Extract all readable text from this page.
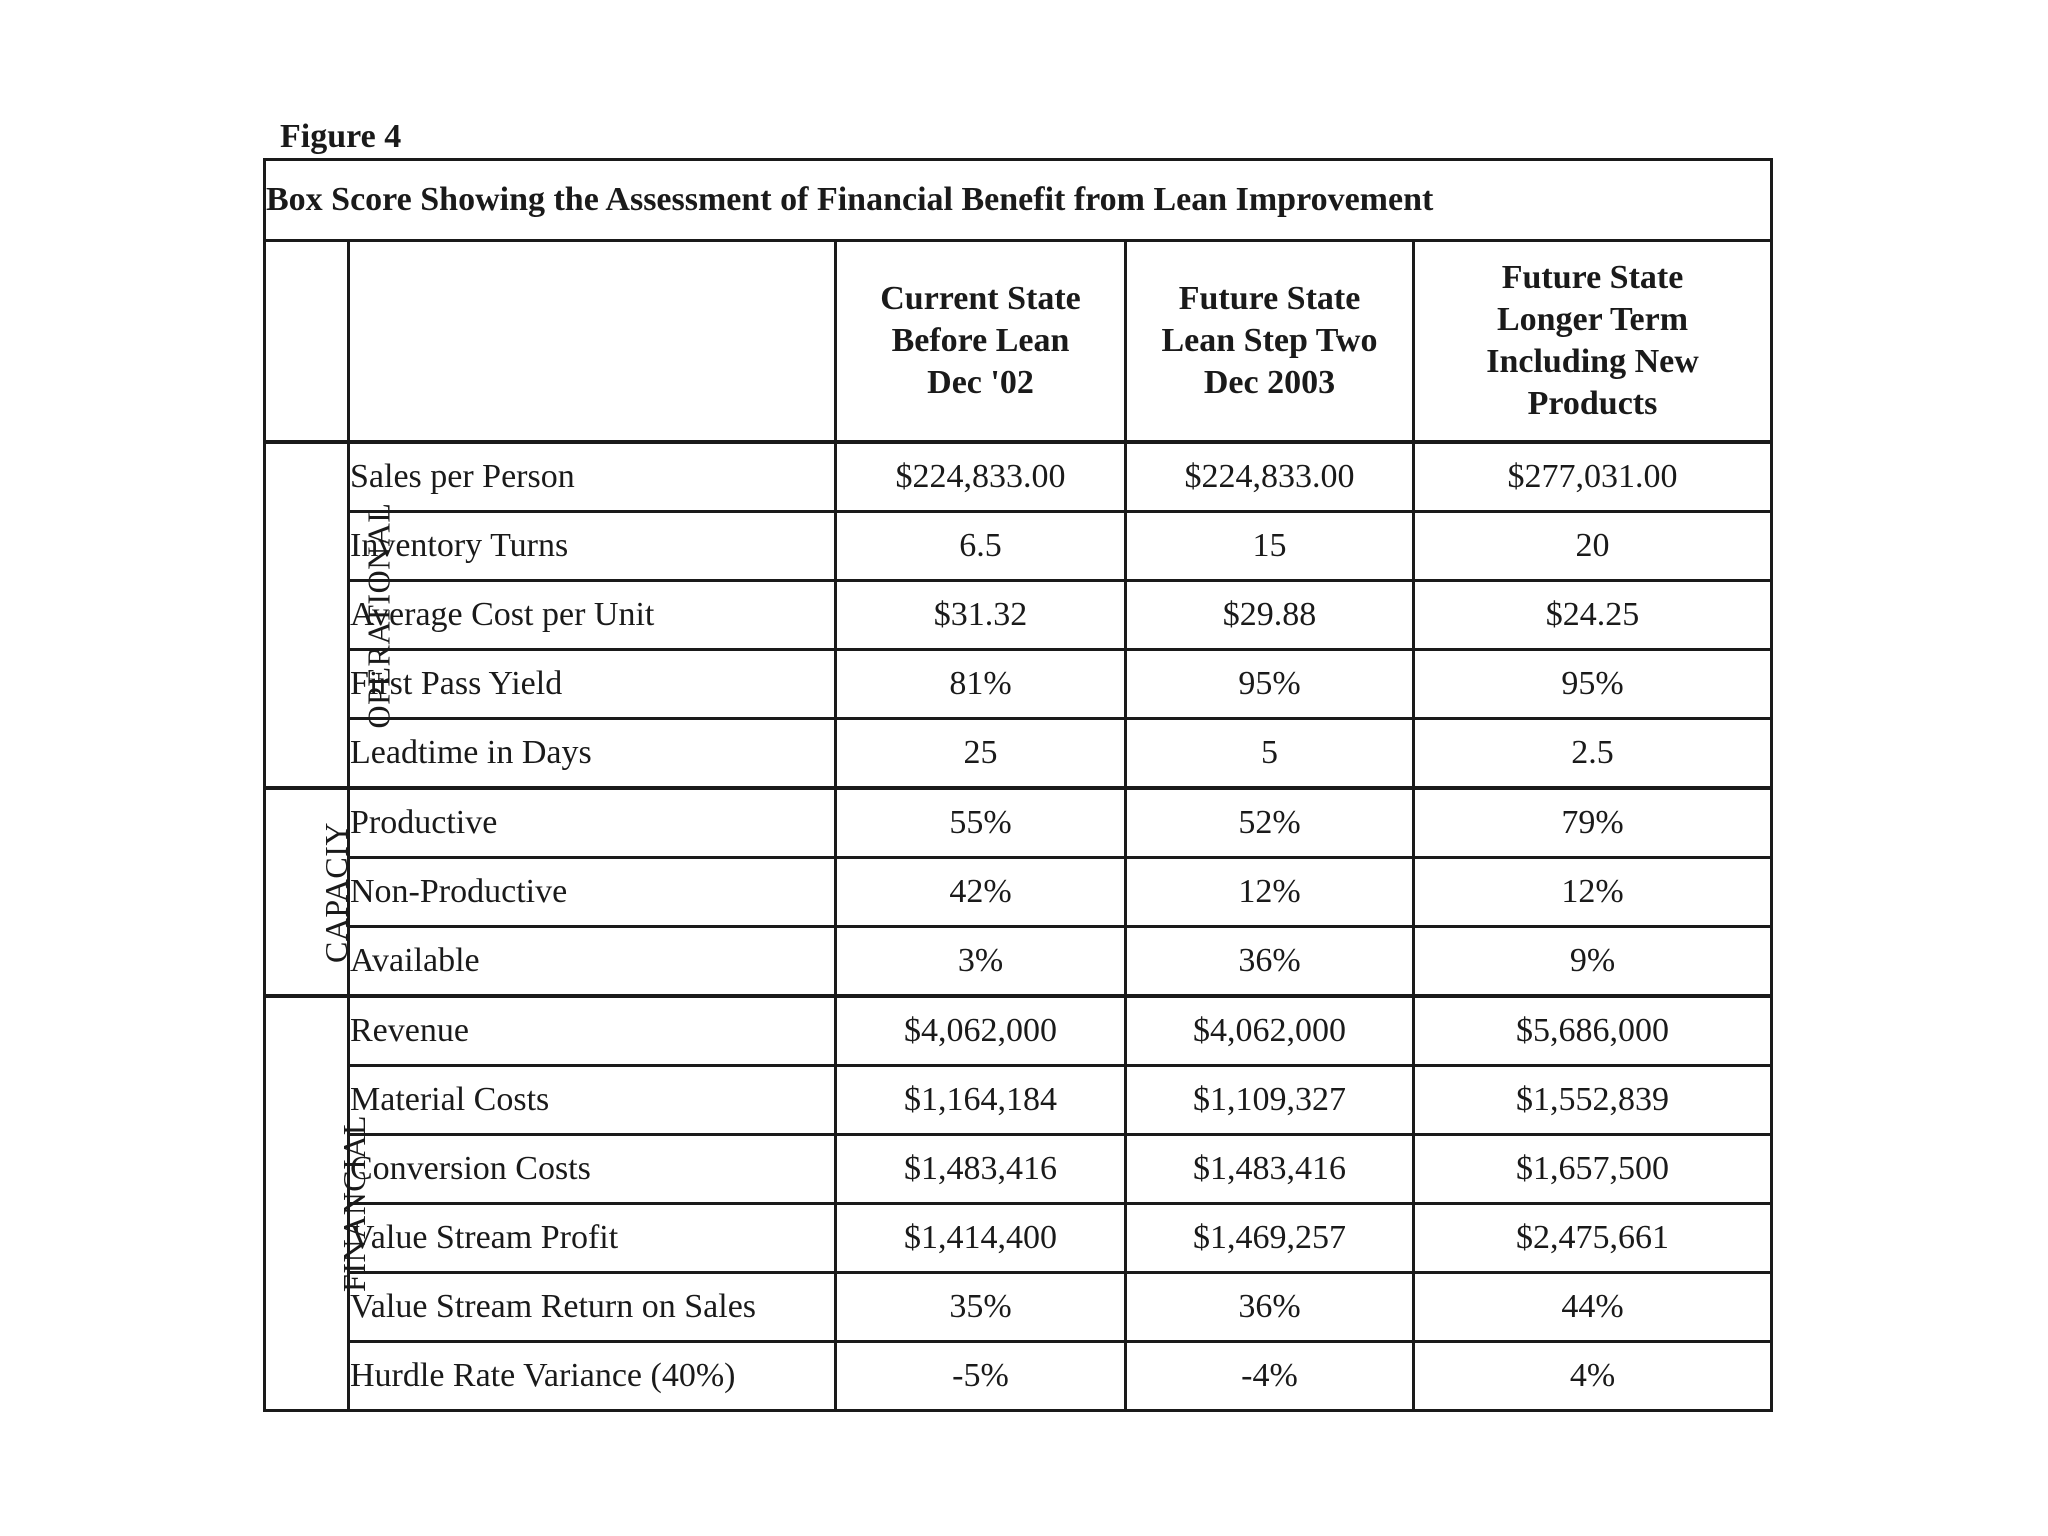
Figure 4
Box Score Showing the Assessment of Financial Benefit from Lean Improvement				

		Current State
Before Lean
Dec '02	Future State
Lean Step Two
Dec 2003	Future State
Longer Term
Including New
Products

OPERATIONAL	Sales per Person	$224,833.00	$224,833.00	$277,031.00
	Inventory Turns	6.5	15	20
	Average Cost per Unit	$31.32	$29.88	$24.25
	First Pass Yield	81%	95%	95%
	Leadtime in Days	25	5	2.5
CAPACIY	Productive	55%	52%	79%
	Non-Productive	42%	12%	12%
	Available	3%	36%	9%
FINANCIAL	Revenue	$4,062,000	$4,062,000	$5,686,000
	Material Costs	$1,164,184	$1,109,327	$1,552,839
	Conversion Costs	$1,483,416	$1,483,416	$1,657,500
	Value Stream Profit	$1,414,400	$1,469,257	$2,475,661
	Value Stream Return on Sales	35%	36%	44%
	Hurdle Rate Variance (40%)	-5%	-4%	4%
